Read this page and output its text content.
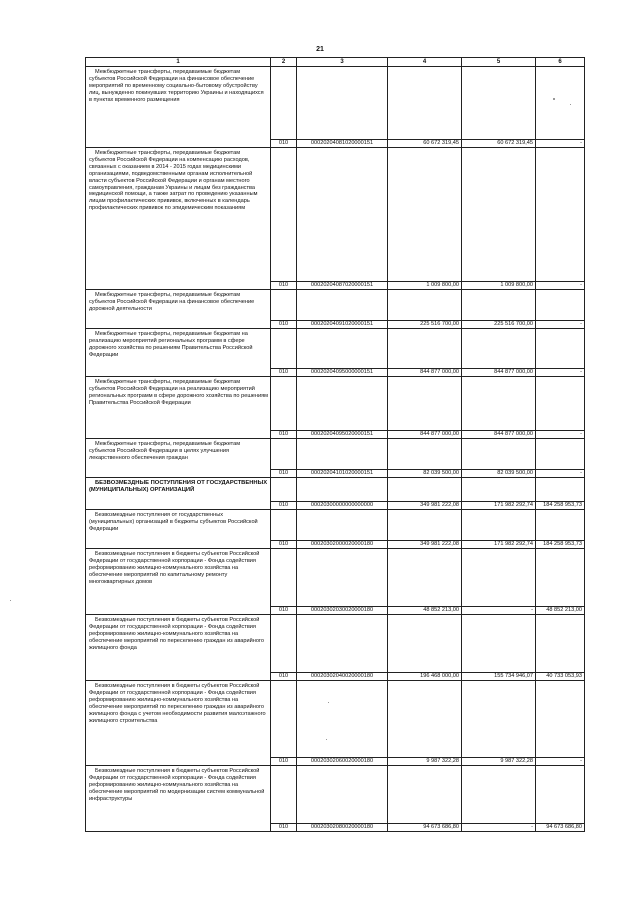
21
1	2	3	4	5	6
Межбюджетные трансферты, передаваемые бюджетам субъектов Российской Федерации на финансовое обеспечение мероприятий по временному социально-бытовому обустройству лиц, вынужденно покинувших территорию Украины и находящихся в пунктах временного размещения	010	00020204081020000151	60 672 319,45	60 672 319,45	-

Межбюджетные трансферты, передаваемые бюджетам субъектов Российской Федерации на компенсацию расходов, связанных с оказанием в 2014 - 2015 годах медицинскими организациями, подведомственными органам исполнительной власти субъектов Российской Федерации и органам местного самоуправления, гражданам Украины и лицам без гражданства медицинской помощи, а также затрат по проведению указанным лицам профилактических прививок, включенных в календарь профилактических прививок по эпидемическим показаниям	010	00020204087020000151	1 009 800,00	1 009 800,00	-

Межбюджетные трансферты, передаваемые бюджетам субъектов Российской Федерации на финансовое обеспечение дорожной деятельности	010	00020204091020000151	225 516 700,00	225 516 700,00	-

Межбюджетные трансферты, передаваемые бюджетам на реализацию мероприятий региональных программ в сфере дорожного хозяйства по решениям Правительства Российской Федерации	010	00020204095000000151	844 877 000,00	844 877 000,00	-

Межбюджетные трансферты, передаваемые бюджетам субъектов Российской Федерации на реализацию мероприятий региональных программ в сфере дорожного хозяйства по решениям Правительства Российской Федерации	010	00020204095020000151	844 877 000,00	844 877 000,00	-

Межбюджетные трансферты, передаваемые бюджетам субъектов Российской Федерации в целях улучшения лекарственного обеспечения граждан	010	00020204101020000151	82 039 500,00	82 039 500,00	-

БЕЗВОЗМЕЗДНЫЕ ПОСТУПЛЕНИЯ ОТ ГОСУДАРСТВЕННЫХ (МУНИЦИПАЛЬНЫХ) ОРГАНИЗАЦИЙ	010	00020300000000000000	349 981 222,08	171 982 292,74	184 258 953,73

Безвозмездные поступления от государственных (муниципальных) организаций в бюджеты субъектов Российской Федерации	010	00020302000020000180	349 981 222,08	171 982 292,74	184 258 953,73

Безвозмездные поступления в бюджеты субъектов Российской Федерации от государственной корпорации - Фонда содействия реформированию жилищно-коммунального хозяйства на обеспечение мероприятий по капитальному ремонту многоквартирных домов	010	00020302030020000180	48 852 213,00	-	48 852 213,00

Безвозмездные поступления в бюджеты субъектов Российской Федерации от государственной корпорации - Фонда содействия реформированию жилищно-коммунального хозяйства на обеспечение мероприятий по переселению граждан из аварийного жилищного фонда	010	00020302040020000180	196 468 000,00	155 734 946,07	40 733 053,93

Безвозмездные поступления в бюджеты субъектов Российской Федерации от государственной корпорации - Фонда содействия реформированию жилищно-коммунального хозяйства на обеспечение мероприятий по переселению граждан из аварийного жилищного фонда с учетом необходимости развития малоэтажного жилищного строительства	010	00020302060020000180	9 987 322,28	9 987 322,28	-

Безвозмездные поступления в бюджеты субъектов Российской Федерации от государственной корпорации - Фонда содействия реформированию жилищно-коммунального хозяйства на обеспечение мероприятий по модернизации систем коммунальной инфраструктуры	010	00020302080020000180	94 673 686,80	-	94 673 686,80
